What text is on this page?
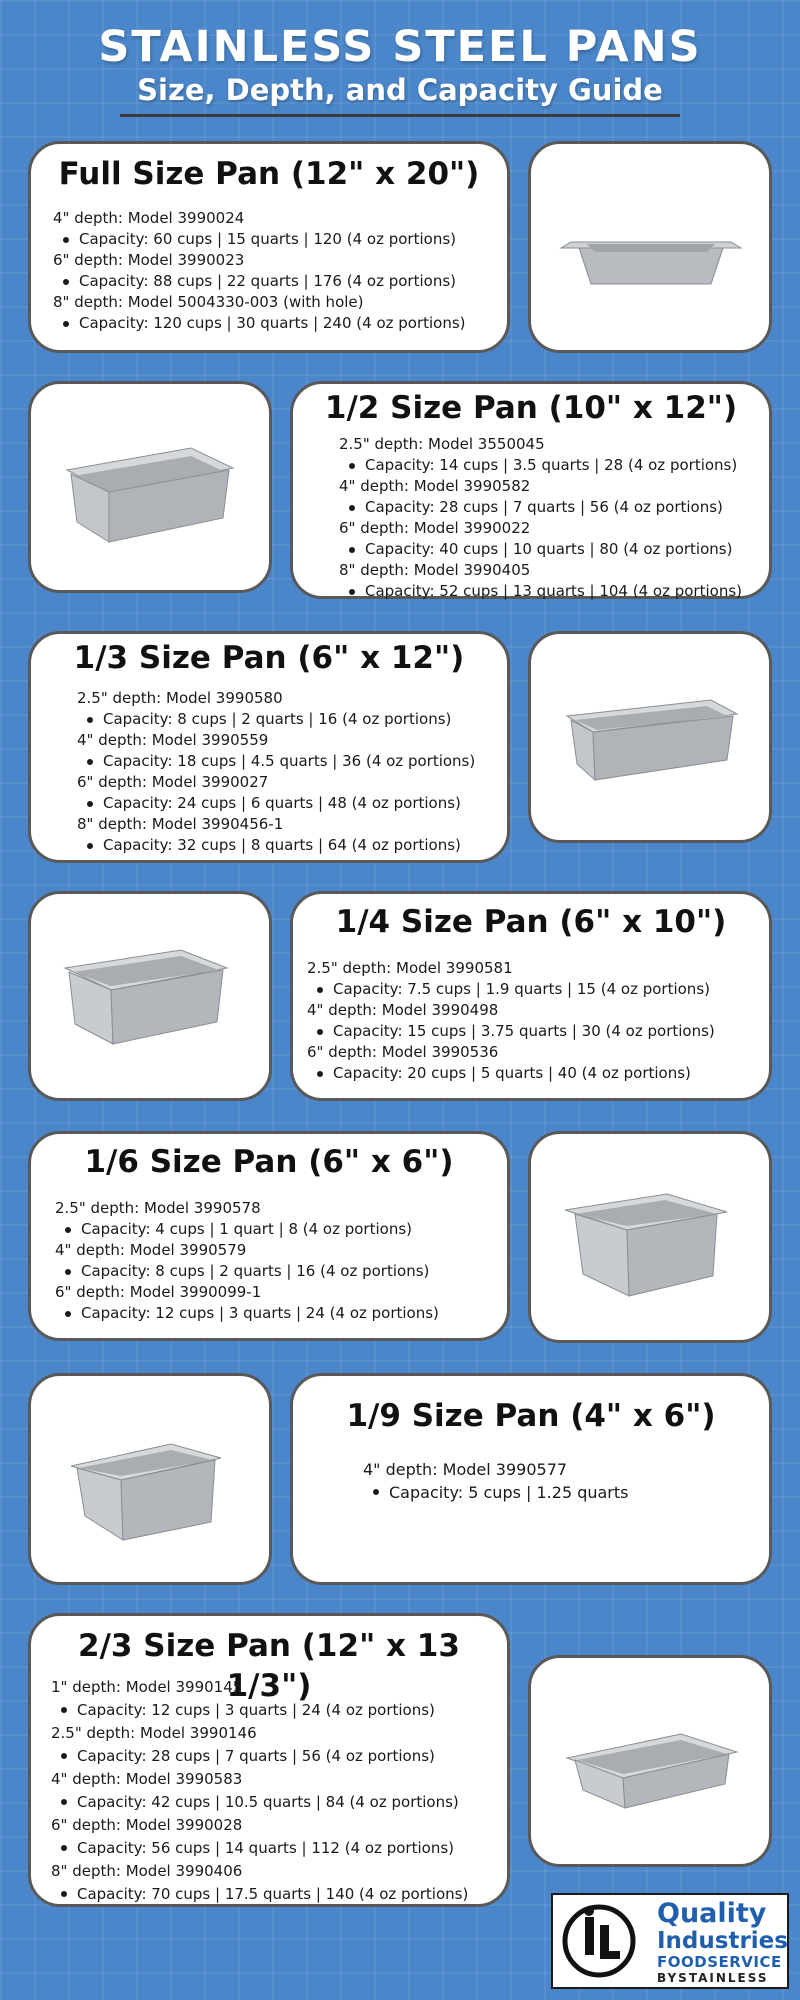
STAINLESS STEEL PANS
Size, Depth, and Capacity Guide
Full Size Pan (12" x 20")
4" depth: Model 3990024
Capacity: 60 cups | 15 quarts | 120 (4 oz portions)
6" depth: Model 3990023
Capacity: 88 cups | 22 quarts | 176 (4 oz portions)
8" depth: Model 5004330-003 (with hole)
Capacity: 120 cups | 30 quarts | 240 (4 oz portions)
1/2 Size Pan (10" x 12")
2.5" depth: Model 3550045
Capacity: 14 cups | 3.5 quarts | 28 (4 oz portions)
4" depth: Model 3990582
Capacity: 28 cups | 7 quarts | 56 (4 oz portions)
6" depth: Model 3990022
Capacity: 40 cups | 10 quarts | 80 (4 oz portions)
8" depth: Model 3990405
Capacity: 52 cups | 13 quarts | 104 (4 oz portions)
1/3 Size Pan (6" x 12")
2.5" depth: Model 3990580
Capacity: 8 cups | 2 quarts | 16 (4 oz portions)
4" depth: Model 3990559
Capacity: 18 cups | 4.5 quarts | 36 (4 oz portions)
6" depth: Model 3990027
Capacity: 24 cups | 6 quarts | 48 (4 oz portions)
8" depth: Model 3990456-1
Capacity: 32 cups | 8 quarts | 64 (4 oz portions)
1/4 Size Pan (6" x 10")
2.5" depth: Model 3990581
Capacity: 7.5 cups | 1.9 quarts | 15 (4 oz portions)
4" depth: Model 3990498
Capacity: 15 cups | 3.75 quarts | 30 (4 oz portions)
6" depth: Model 3990536
Capacity: 20 cups | 5 quarts | 40 (4 oz portions)
1/6 Size Pan (6" x 6")
2.5" depth: Model 3990578
Capacity: 4 cups | 1 quart | 8 (4 oz portions)
4" depth: Model 3990579
Capacity: 8 cups | 2 quarts | 16 (4 oz portions)
6" depth: Model 3990099-1
Capacity: 12 cups | 3 quarts | 24 (4 oz portions)
1/9 Size Pan (4" x 6")
4" depth: Model 3990577
Capacity: 5 cups | 1.25 quarts
2/3 Size Pan (12" x 13 1/3")
1" depth: Model 3990145
Capacity: 12 cups | 3 quarts | 24 (4 oz portions)
2.5" depth: Model 3990146
Capacity: 28 cups | 7 quarts | 56 (4 oz portions)
4" depth: Model 3990583
Capacity: 42 cups | 10.5 quarts | 84 (4 oz portions)
6" depth: Model 3990028
Capacity: 56 cups | 14 quarts | 112 (4 oz portions)
8" depth: Model 3990406
Capacity: 70 cups | 17.5 quarts | 140 (4 oz portions)
Quality
Industries
FOODSERVICE
BYSTAINLESS
